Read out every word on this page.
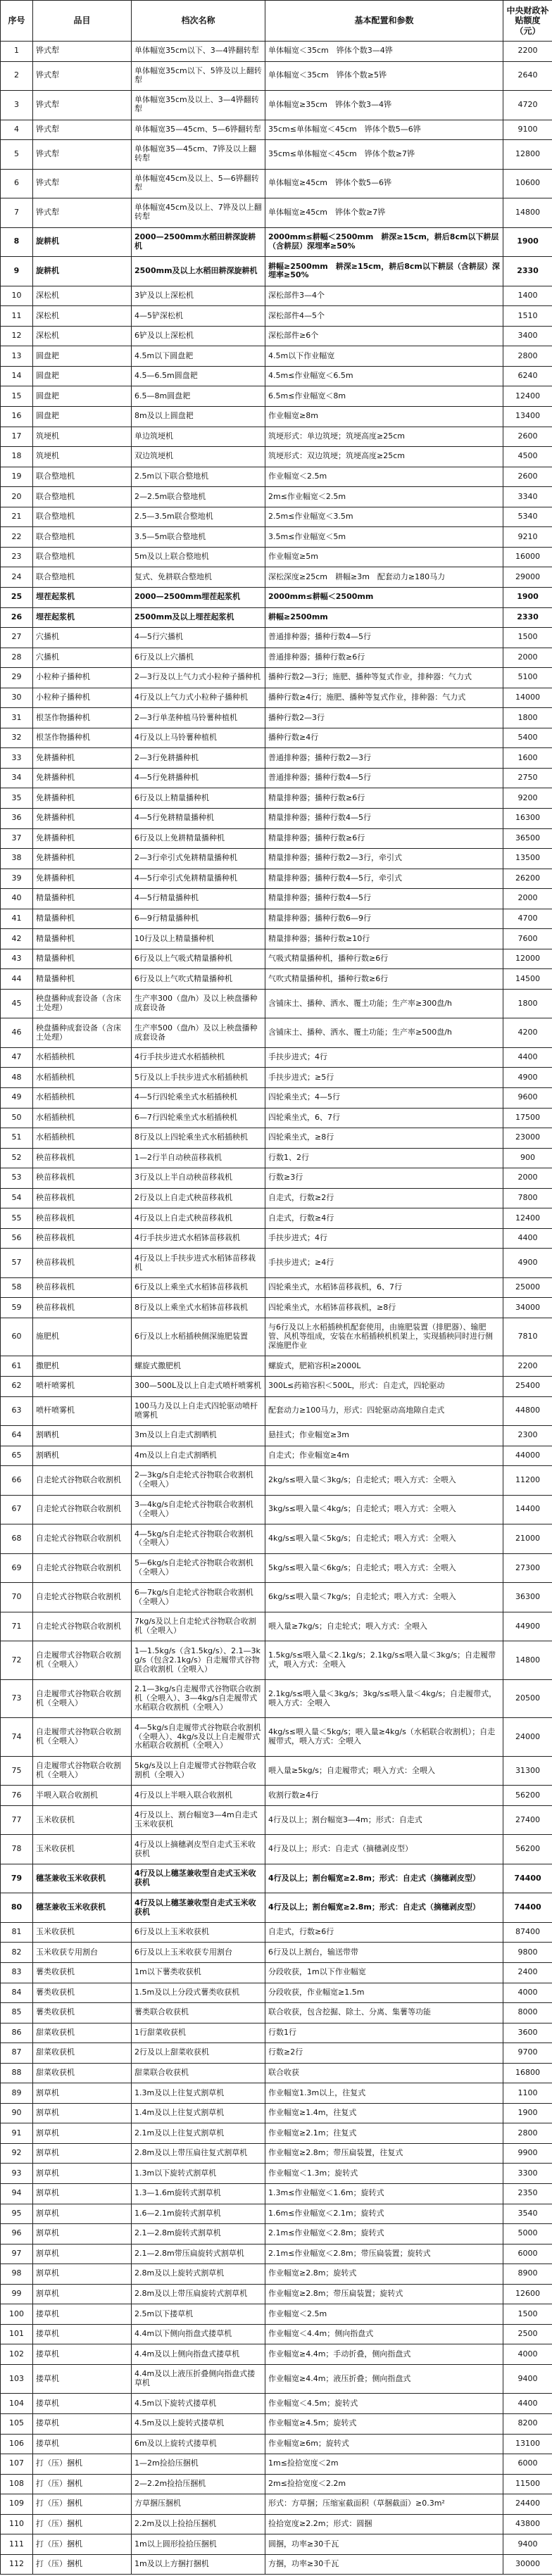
序号	品目	档次名称	基本配置和参数	中央财政补贴额度（元）
1	铧式犁	单体幅宽35cm以下、3—4铧翻转犁	单体幅宽＜35cm　铧体个数3—4铧	2200
2	铧式犁	单体幅宽35cm以下、5铧及以上翻转犁	单体幅宽＜35cm　铧体个数≥5铧	2640
3	铧式犁	单体幅宽35cm及以上、3—4铧翻转犁	单体幅宽≥35cm　铧体个数3—4铧	4720
4	铧式犁	单体幅宽35—45cm、5—6铧翻转犁	35cm≤单体幅宽＜45cm　铧体个数5—6铧	9100
5	铧式犁	单体幅宽35—45cm、7铧及以上翻转犁	35cm≤单体幅宽＜45cm　铧体个数≥7铧	12800
6	铧式犁	单体幅宽45cm及以上、5—6铧翻转犁	单体幅宽≥45cm　铧体个数5—6铧	10600
7	铧式犁	单体幅宽45cm及以上、7铧及以上翻转犁	单体幅宽≥45cm　铧体个数≥7铧	14800
8	旋耕机	2000—2500mm水稻田耕深旋耕机	2000mm≤耕幅＜2500mm　耕深≥15cm，耕后8cm以下耕层（含耕层）深埋率≥50%	1900
9	旋耕机	2500mm及以上水稻田耕深旋耕机	耕幅≥2500mm　耕深≥15cm，耕后8cm以下耕层（含耕层）深埋率≥50%	2330
10	深松机	3铲及以上深松机	深松部件3—4个	1400
11	深松机	4—5铲深松机	深松部件4—5个	1510
12	深松机	6铲及以上深松机	深松部件≥6个	3400
13	圆盘耙	4.5m以下圆盘耙	4.5m以下作业幅宽	2800
14	圆盘耙	4.5—6.5m圆盘耙	4.5m≤作业幅宽＜6.5m	6240
15	圆盘耙	6.5—8m圆盘耙	6.5m≤作业幅宽＜8m	12400
16	圆盘耙	8m及以上圆盘耙	作业幅宽≥8m	13400
17	筑埂机	单边筑埂机	筑埂形式：单边筑埂；筑埂高度≥25cm	2600
18	筑埂机	双边筑埂机	筑埂形式：双边筑埂；筑埂高度≥25cm	4500
19	联合整地机	2.5m以下联合整地机	作业幅宽＜2.5m	2600
20	联合整地机	2—2.5m联合整地机	2m≤作业幅宽＜2.5m	3340
21	联合整地机	2.5—3.5m联合整地机	2.5m≤作业幅宽＜3.5m	5340
22	联合整地机	3.5—5m联合整地机	3.5m≤作业幅宽＜5m	9210
23	联合整地机	5m及以上联合整地机	作业幅宽≥5m	16000
24	联合整地机	复式、免耕联合整地机	深松深度≥25cm　耕幅≥3m　配套动力≥180马力	29000
25	埋茬起浆机	2000—2500mm埋茬起浆机	2000mm≤耕幅＜2500mm	1900
26	埋茬起浆机	2500mm及以上埋茬起浆机	耕幅≥2500mm	2330
27	穴播机	4—5行穴播机	普通排种器；播种行数4—5行	1500
28	穴播机	6行及以上穴播机	普通排种器；播种行数≥6行	2000
29	小粒种子播种机	2—3行及以上气力式小粒种子播种机	播种行数2—3行；施肥、播种等复式作业，排种器：气力式	5100
30	小粒种子播种机	4行及以上气力式小粒种子播种机	播种行数≥4行；施肥、播种等复式作业，排种器：气力式	14000
31	根茎作物播种机	2—3行单垄种植马铃薯种植机	播种行数2—3行	1800
32	根茎作物播种机	4行及以上马铃薯种植机	播种行数≥4行	5400
33	免耕播种机	2—3行免耕播种机	普通排种器；播种行数2—3行	1600
34	免耕播种机	4—5行免耕播种机	普通排种器；播种行数4—5行	2750
35	免耕播种机	6行及以上精量播种机	精量排种器；播种行数≥6行	9200
36	免耕播种机	4—5行免耕精量播种机	精量排种器；播种行数4—5行	16300
37	免耕播种机	6行及以上免耕精量播种机	精量排种器；播种行数≥6行	36500
38	免耕播种机	2—3行牵引式免耕精量播种机	精量排种器；播种行数2—3行，牵引式	13500
39	免耕播种机	4—5行牵引式免耕精量播种机	精量排种器；播种行数4—5行，牵引式	26200
40	精量播种机	4—5行精量播种机	精量排种器；播种行数4—5行	2000
41	精量播种机	6—9行精量播种机	精量排种器；播种行数6—9行	4700
42	精量播种机	10行及以上精量播种机	精量排种器；播种行数≥10行	7600
43	精量播种机	6行及以上气吸式精量播种机	气吸式精量播种机，播种行数≥6行	12000
44	精量播种机	6行及以上气吹式精量播种机	气吹式精量播种机，播种行数≥6行	14500
45	秧盘播种成套设备（含床土处理）	生产率300（盘/h）及以上秧盘播种成套设备	含铺床土、播种、洒水、覆土功能；生产率≥300盘/h	1800
46	秧盘播种成套设备（含床土处理）	生产率500（盘/h）及以上秧盘播种成套设备	含铺床土、播种、洒水、覆土功能；生产率≥500盘/h	4200
47	水稻插秧机	4行手扶步进式水稻插秧机	手扶步进式；4行	4400
48	水稻插秧机	5行及以上手扶步进式水稻插秧机	手扶步进式；≥5行	4900
49	水稻插秧机	4—5行四轮乘坐式水稻插秧机	四轮乘坐式；4—5行	9600
50	水稻插秧机	6—7行四轮乘坐式水稻插秧机	四轮乘坐式，6、7行	17500
51	水稻插秧机	8行及以上四轮乘坐式水稻插秧机	四轮乘坐式，≥8行	23000
52	秧苗移栽机	1—2行半自动秧苗移栽机	行数1、2行	900
53	秧苗移栽机	3行及以上半自动秧苗移栽机	行数≥3行	2000
54	秧苗移栽机	2行及以上自走式秧苗移栽机	自走式，行数≥2行	7800
55	秧苗移栽机	4行及以上自走式秧苗移栽机	自走式，行数≥4行	12400
56	秧苗移栽机	4行手扶步进式水稻钵苗移栽机	手扶步进式；4行	4400
57	秧苗移栽机	4行及以上手扶步进式水稻钵苗移栽机	手扶步进式；≥4行	4900
58	秧苗移栽机	6行及以上乘坐式水稻钵苗移栽机	四轮乘坐式，水稻钵苗移栽机，6、7行	25000
59	秧苗移栽机	8行及以上乘坐式水稻钵苗移栽机	四轮乘坐式，水稻钵苗移栽机，≥8行	34000
60	施肥机	6行及以上水稻插秧侧深施肥装置	与6行及以上水稻插秧机配套使用，由施肥装置（排肥器）、输肥管、风机等组成，安装在水稻插秧机机架上，实现插秧同时进行侧深施肥作业	7810
61	撒肥机	螺旋式撒肥机	螺旋式，肥箱容积≥2000L	2200
62	喷杆喷雾机	300—500L及以上自走式喷杆喷雾机	300L≤药箱容积＜500L，形式：自走式，四轮驱动	25400
63	喷杆喷雾机	100马力及以上自走式四轮驱动喷杆喷雾机	配套动力≥100马力，形式：四轮驱动高地隙自走式	44800
64	割晒机	3m及以上自走式割晒机	悬挂式；作业幅宽≥3m	2300
65	割晒机	4m及以上自走式割晒机	自走式；作业幅宽≥4m	44000
66	自走轮式谷物联合收割机	2—3kg/s自走轮式谷物联合收割机（全喂入）	2kg/s≤喂入量＜3kg/s；自走轮式；喂入方式：全喂入	11200
67	自走轮式谷物联合收割机	3—4kg/s自走轮式谷物联合收割机（全喂入）	3kg/s≤喂入量＜4kg/s；自走轮式；喂入方式：全喂入	14400
68	自走轮式谷物联合收割机	4—5kg/s自走轮式谷物联合收割机（全喂入）	4kg/s≤喂入量＜5kg/s；自走轮式；喂入方式：全喂入	21000
69	自走轮式谷物联合收割机	5—6kg/s自走轮式谷物联合收割机（全喂入）	5kg/s≤喂入量＜6kg/s；自走轮式；喂入方式：全喂入	27300
70	自走轮式谷物联合收割机	6—7kg/s自走轮式谷物联合收割机（全喂入）	6kg/s≤喂入量＜7kg/s；自走轮式；喂入方式：全喂入	36300
71	自走轮式谷物联合收割机	7kg/s及以上自走轮式谷物联合收割机（全喂入）	喂入量≥7kg/s；自走轮式；喂入方式：全喂入	44900
72	自走履带式谷物联合收割机（全喂入）	1—1.5kg/s（含1.5kg/s）、2.1—3kg/s（包含2.1kg/s）自走履带式谷物联合收割机（全喂入）	1.5kg/s≤喂入量＜2.1kg/s；2.1kg/s≤喂入量＜3kg/s；自走履带式，喂入方式：全喂入	14800
73	自走履带式谷物联合收割机（全喂入）	2.1—3kg/s自走履带式谷物联合收割机（全喂入）、3—4kg/s自走履带式水稻联合收割机（全喂入）	2.1kg/s≤喂入量＜3kg/s；3kg/s≤喂入量＜4kg/s；自走履带式，喂入方式：全喂入	20500
74	自走履带式谷物联合收割机（全喂入）	4—5kg/s自走履带式谷物联合收割机（全喂入）、4kg/s及以上自走履带式水稻联合收割机（全喂入）	4kg/s≤喂入量＜5kg/s；喂入量≥4kg/s（水稻联合收割机）；自走履带式，喂入方式：全喂入	24000
75	自走履带式谷物联合收割机（全喂入）	5kg/s及以上自走履带式谷物联合收割机（全喂入）	喂入量≥5kg/s；自走履带式；喂入方式：全喂入	31300
76	半喂入联合收割机	4行及以上半喂入联合收割机	收割行数≥4行	56200
77	玉米收获机	4行及以上、割台幅宽3—4m自走式玉米收获机	4行及以上；割台幅宽3—4m；形式：自走式	27400
78	玉米收获机	4行及以上摘穗剥皮型自走式玉米收获机	4行及以上；形式：自走式（摘穗剥皮型）	56200
79	穗茎兼收玉米收获机	4行及以上穗茎兼收型自走式玉米收获机	4行及以上；割台幅宽≥2.8m；形式：自走式（摘穗剥皮型）	74400
80	穗茎兼收玉米收获机	4行及以上穗茎兼收型自走式玉米收获机	4行及以上；割台幅宽≥2.8m；形式：自走式（摘穗剥皮型）	74400
81	玉米收获机	6行及以上玉米收获机	自走式，行数≥6行	87400
82	玉米收获专用割台	6行及以上玉米收获专用割台	6行及以上割台，输送带带	9800
83	薯类收获机	1m以下薯类收获机	分段收获，1m以下作业幅宽	2400
84	薯类收获机	1.5m及以上分段式薯类收获机	分段收获，作业幅宽≥1.5m	4000
85	薯类收获机	薯类联合收获机	联合收获，包含挖掘、除土、分离、集薯等功能	8000
86	甜菜收获机	1行甜菜收获机	行数1行	3600
87	甜菜收获机	2行及以上甜菜收获机	行数≥2行	9700
88	甜菜收获机	甜菜联合收获机	联合收获	16800
89	割草机	1.3m及以上往复式割草机	作业幅宽1.3m以上，往复式	1100
90	割草机	1.4m及以上往复式割草机	作业幅宽≥1.4m，往复式	1900
91	割草机	2.1m及以上往复式割草机	作业幅宽≥2.1m；往复式	2800
92	割草机	2.8m及以上带压扁往复式割草机	作业幅宽≥2.8m；带压扁装置，往复式	9900
93	割草机	1.3m以下旋转式割草机	作业幅宽＜1.3m；旋转式	3300
94	割草机	1.3—1.6m旋转式割草机	1.3m≤作业幅宽＜1.6m；旋转式	2350
95	割草机	1.6—2.1m旋转式割草机	1.6m≤作业幅宽＜2.1m；旋转式	3540
96	割草机	2.1—2.8m旋转式割草机	2.1m≤作业幅宽＜2.8m；旋转式	5000
97	割草机	2.1—2.8m带压扁旋转式割草机	2.1m≤作业幅宽＜2.8m；带压扁装置；旋转式	6000
98	割草机	2.8m及以上旋转式割草机	作业幅宽≥2.8m；旋转式	8900
99	割草机	2.8m及以上带压扁旋转式割草机	作业幅宽≥2.8m；带压扁装置；旋转式	12600
100	搂草机	2.5m以下搂草机	作业幅宽＜2.5m	1500
101	搂草机	4.4m以下侧向指盘式搂草机	作业幅宽＜4.4m；侧向指盘式	2500
102	搂草机	4.4m及以上侧向指盘式搂草机	作业幅宽≥4.4m；手动折叠，侧向指盘式	4000
103	搂草机	4.4m及以上液压折叠侧向指盘式搂草机	作业幅宽≥4.4m；液压折叠；侧向指盘式	9400
104	搂草机	4.5m以下旋转式搂草机	作业幅宽＜4.5m；旋转式	4400
105	搂草机	4.5m及以上旋转式搂草机	作业幅宽≥4.5m；旋转式	8200
106	搂草机	6m及以上旋转式搂草机	作业幅宽≥6m；旋转式	13100
107	打（压）捆机	1—2m捡拾压捆机	1m≤捡拾宽度＜2m	6000
108	打（压）捆机	2—2.2m捡拾压捆机	2m≤捡拾宽度＜2.2m	11500
109	打（压）捆机	方草捆压捆机	形式：方草捆；压缩室截面积（草捆截面）≥0.3m²	24400
110	打（压）捆机	2.2m及以上捡拾压捆机	捡拾宽度≥2.2m；形式：圆捆	43800
111	打（压）捆机	1m以上圆形捡拾压捆机	圆捆，功率≥30千瓦	9400
112	打（压）捆机	1m及以上方捆打捆机	方捆，功率≥30千瓦	30000
